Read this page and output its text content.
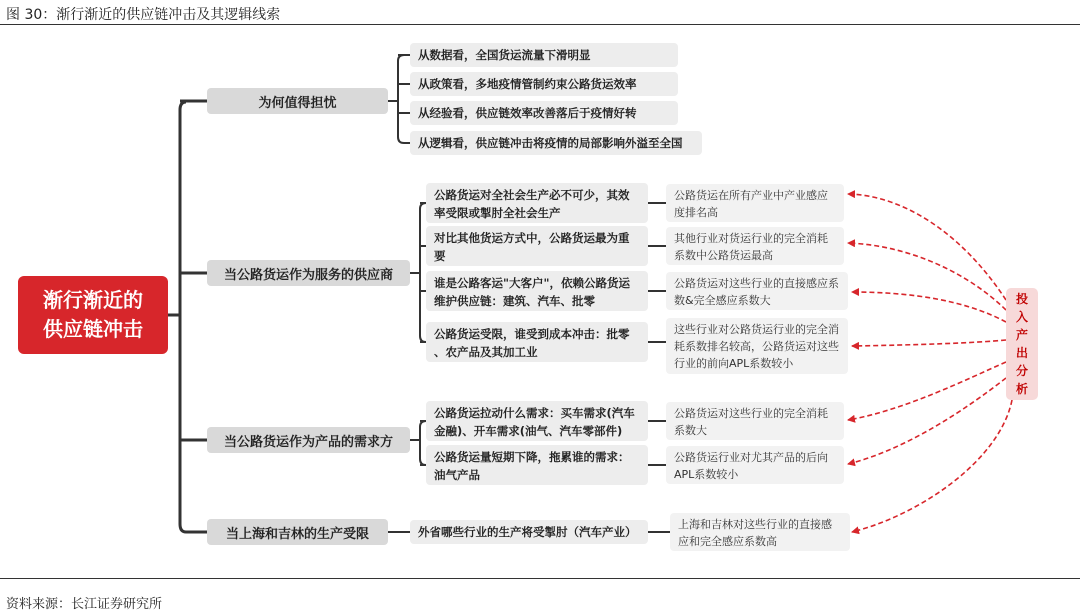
图 30：渐行渐近的供应链冲击及其逻辑线索
渐行渐近的
供应链冲击
为何值得担忧
当公路货运作为服务的供应商
当公路货运作为产品的需求方
当上海和吉林的生产受限
从数据看，全国货运流量下滑明显
从政策看，多地疫情管制约束公路货运效率
从经验看，供应链效率改善落后于疫情好转
从逻辑看，供应链冲击将疫情的局部影响外溢至全国
公路货运对全社会生产必不可少，其效率受限或掣肘全社会生产
对比其他货运方式中，公路货运最为重要
谁是公路客运"大客户"，依赖公路货运维护供应链：建筑、汽车、批零
公路货运受限，谁受到成本冲击：批零 、农产品及其加工业
公路货运拉动什么需求：买车需求(汽车金融)、开车需求(油气、汽车零部件)
公路货运量短期下降，拖累谁的需求：油气产品
外省哪些行业的生产将受掣肘（汽车产业）
公路货运在所有产业中产业感应度排名高
其他行业对货运行业的完全消耗系数中公路货运最高
公路货运对这些行业的直接感应系数&完全感应系数大
这些行业对公路货运行业的完全消耗系数排名较高，公路货运对这些行业的前向APL系数较小
公路货运对这些行业的完全消耗系数大
公路货运行业对尤其产品的后向APL系数较小
上海和吉林对这些行业的直接感应和完全感应系数高
投
入
产
出
分
析
资料来源：长江证券研究所
